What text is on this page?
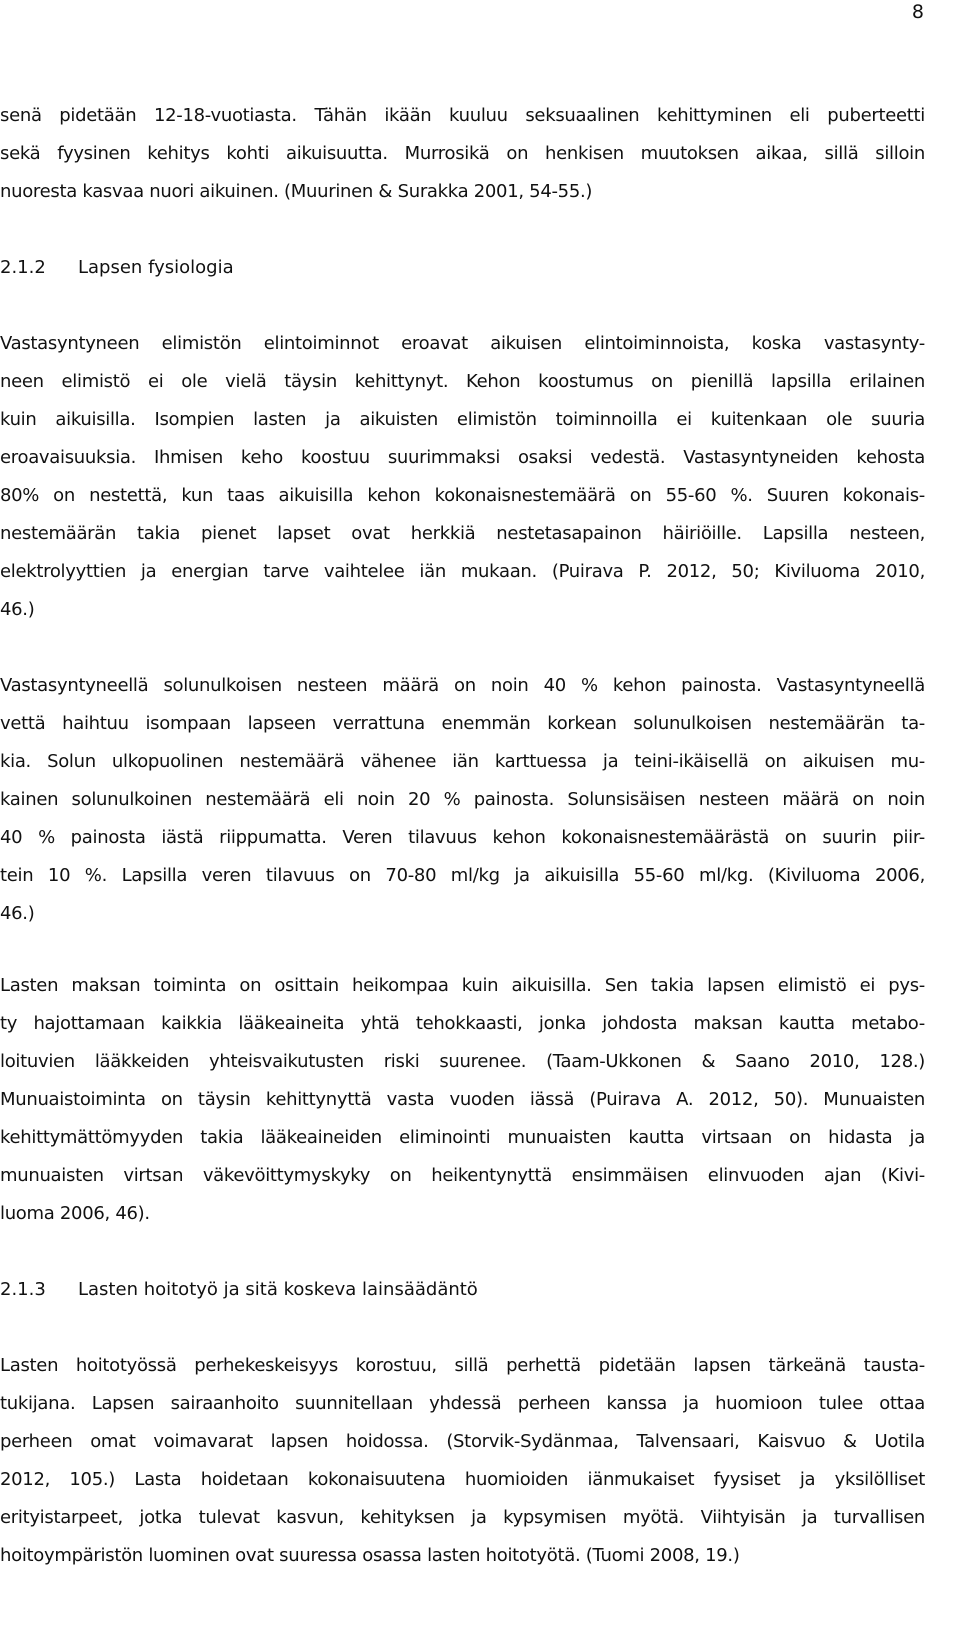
8
senä pidetään 12-18-vuotiasta. Tähän ikään kuuluu seksuaalinen kehittyminen eli puberteetti
sekä fyysinen kehitys kohti aikuisuutta. Murrosikä on henkisen muutoksen aikaa, sillä silloin
nuoresta kasvaa nuori aikuinen. (Muurinen & Surakka 2001, 54-55.)
2.1.2 Lapsen fysiologia
Vastasyntyneen elimistön elintoiminnot eroavat aikuisen elintoiminnoista, koska vastasynty-
neen elimistö ei ole vielä täysin kehittynyt. Kehon koostumus on pienillä lapsilla erilainen
kuin aikuisilla. Isompien lasten ja aikuisten elimistön toiminnoilla ei kuitenkaan ole suuria
eroavaisuuksia. Ihmisen keho koostuu suurimmaksi osaksi vedestä. Vastasyntyneiden kehosta
80% on nestettä, kun taas aikuisilla kehon kokonaisnestemäärä on 55-60 %. Suuren kokonais-
nestemäärän takia pienet lapset ovat herkkiä nestetasapainon häiriöille. Lapsilla nesteen,
elektrolyyttien ja energian tarve vaihtelee iän mukaan. (Puirava P. 2012, 50; Kiviluoma 2010,
46.)
Vastasyntyneellä solunulkoisen nesteen määrä on noin 40 % kehon painosta. Vastasyntyneellä
vettä haihtuu isompaan lapseen verrattuna enemmän korkean solunulkoisen nestemäärän ta-
kia. Solun ulkopuolinen nestemäärä vähenee iän karttuessa ja teini-ikäisellä on aikuisen mu-
kainen solunulkoinen nestemäärä eli noin 20 % painosta. Solunsisäisen nesteen määrä on noin
40 % painosta iästä riippumatta. Veren tilavuus kehon kokonaisnestemäärästä on suurin piir-
tein 10 %. Lapsilla veren tilavuus on 70-80 ml/kg ja aikuisilla 55-60 ml/kg. (Kiviluoma 2006,
46.)
Lasten maksan toiminta on osittain heikompaa kuin aikuisilla. Sen takia lapsen elimistö ei pys-
ty hajottamaan kaikkia lääkeaineita yhtä tehokkaasti, jonka johdosta maksan kautta metabo-
loituvien lääkkeiden yhteisvaikutusten riski suurenee. (Taam-Ukkonen & Saano 2010, 128.)
Munuaistoiminta on täysin kehittynyttä vasta vuoden iässä (Puirava A. 2012, 50). Munuaisten
kehittymättömyyden takia lääkeaineiden eliminointi munuaisten kautta virtsaan on hidasta ja
munuaisten virtsan väkevöittymyskyky on heikentynyttä ensimmäisen elinvuoden ajan (Kivi-
luoma 2006, 46).
2.1.3 Lasten hoitotyö ja sitä koskeva lainsäädäntö
Lasten hoitotyössä perhekeskeisyys korostuu, sillä perhettä pidetään lapsen tärkeänä tausta-
tukijana. Lapsen sairaanhoito suunnitellaan yhdessä perheen kanssa ja huomioon tulee ottaa
perheen omat voimavarat lapsen hoidossa. (Storvik-Sydänmaa, Talvensaari, Kaisvuo & Uotila
2012, 105.) Lasta hoidetaan kokonaisuutena huomioiden iänmukaiset fyysiset ja yksilölliset
erityistarpeet, jotka tulevat kasvun, kehityksen ja kypsymisen myötä. Viihtyisän ja turvallisen
hoitoympäristön luominen ovat suuressa osassa lasten hoitotyötä. (Tuomi 2008, 19.)
